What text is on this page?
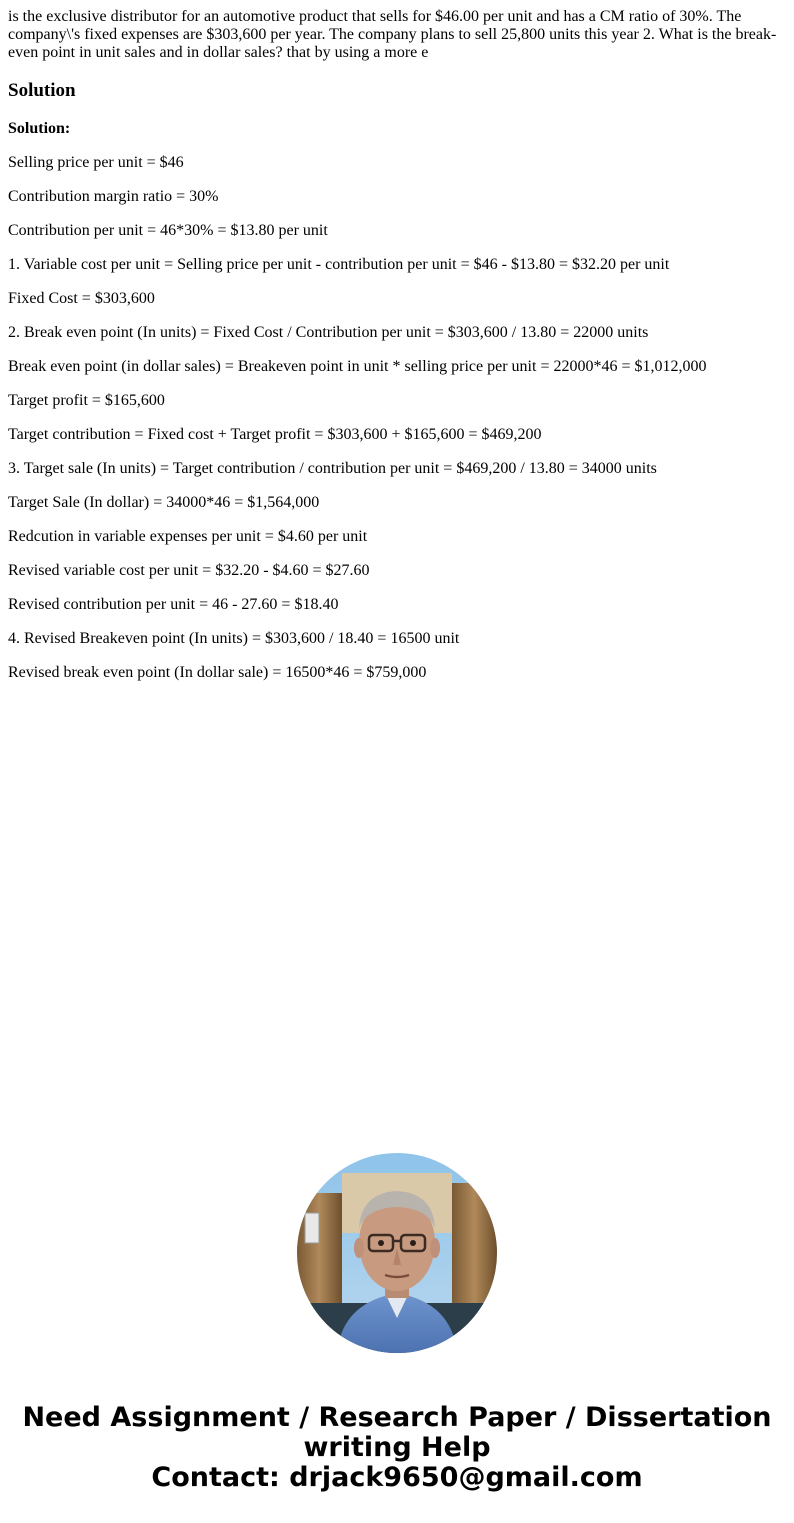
is the exclusive distributor for an automotive product that sells for $46.00 per unit and has a CM ratio of 30%. The company\'s fixed expenses are $303,600 per year. The company plans to sell 25,800 units this year 2. What is the break-even point in unit sales and in dollar sales? that by using a more e

Solution

Solution:

Selling price per unit = $46

Contribution margin ratio = 30%

Contribution per unit = 46*30% = $13.80 per unit

1. Variable cost per unit = Selling price per unit - contribution per unit = $46 - $13.80 = $32.20 per unit

Fixed Cost = $303,600

2. Break even point (In units) = Fixed Cost / Contribution per unit = $303,600 / 13.80 = 22000 units

Break even point (in dollar sales) = Breakeven point in unit * selling price per unit = 22000*46 = $1,012,000

Target profit = $165,600

Target contribution = Fixed cost + Target profit = $303,600 + $165,600 = $469,200

3. Target sale (In units) = Target contribution / contribution per unit = $469,200 / 13.80 = 34000 units

Target Sale (In dollar) = 34000*46 = $1,564,000

Redcution in variable expenses per unit = $4.60 per unit

Revised variable cost per unit = $32.20 - $4.60 = $27.60

Revised contribution per unit = 46 - 27.60 = $18.40

4. Revised Breakeven point (In units) = $303,600 / 18.40 = 16500 unit

Revised break even point (In dollar sale) = 16500*46 = $759,000

Need Assignment / Research Paper / Dissertation
writing Help
Contact: drjack9650@gmail.com
